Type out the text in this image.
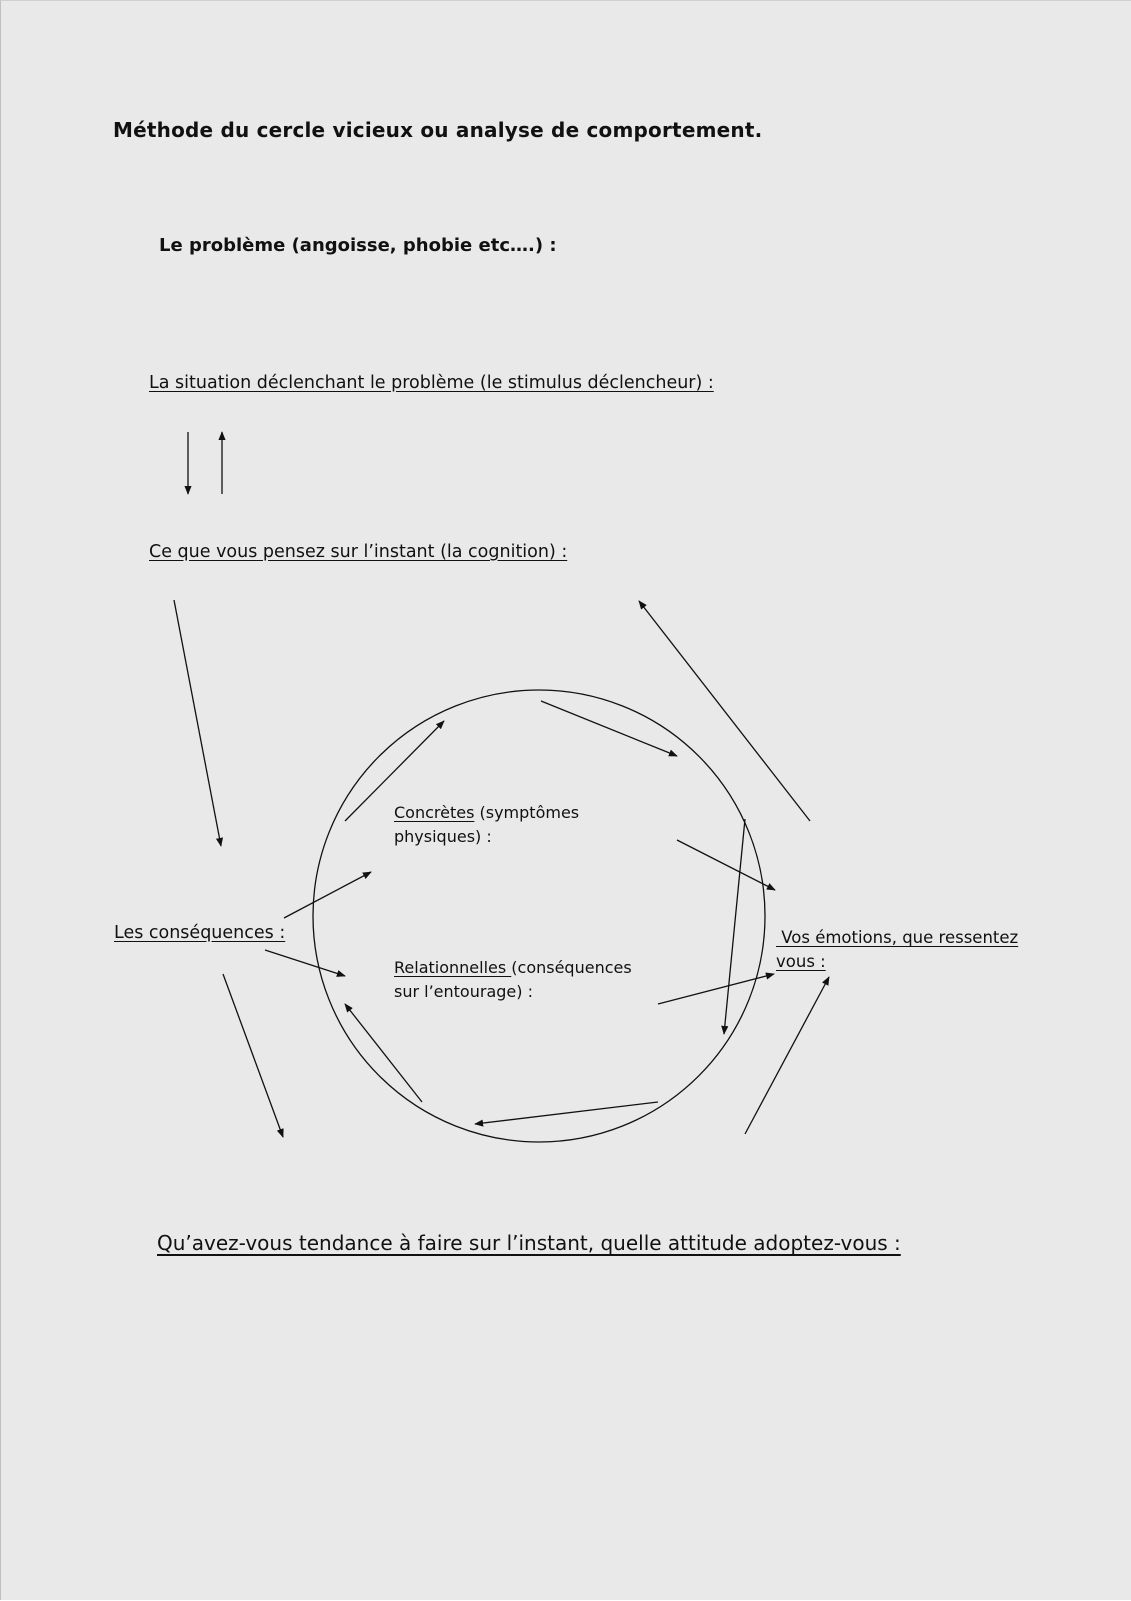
Méthode du cercle vicieux ou analyse de comportement.
Le problème (angoisse, phobie etc….) :
La situation déclenchant le problème (le stimulus déclencheur) :
Ce que vous pensez sur l’instant (la cognition) :
Les conséquences :
Concrètes (symptômes
physiques) :
Relationnelles (conséquences
sur l’entourage) :
Vos émotions, que ressentez
vous :
Qu’avez-vous tendance à faire sur l’instant, quelle attitude adoptez-vous :
